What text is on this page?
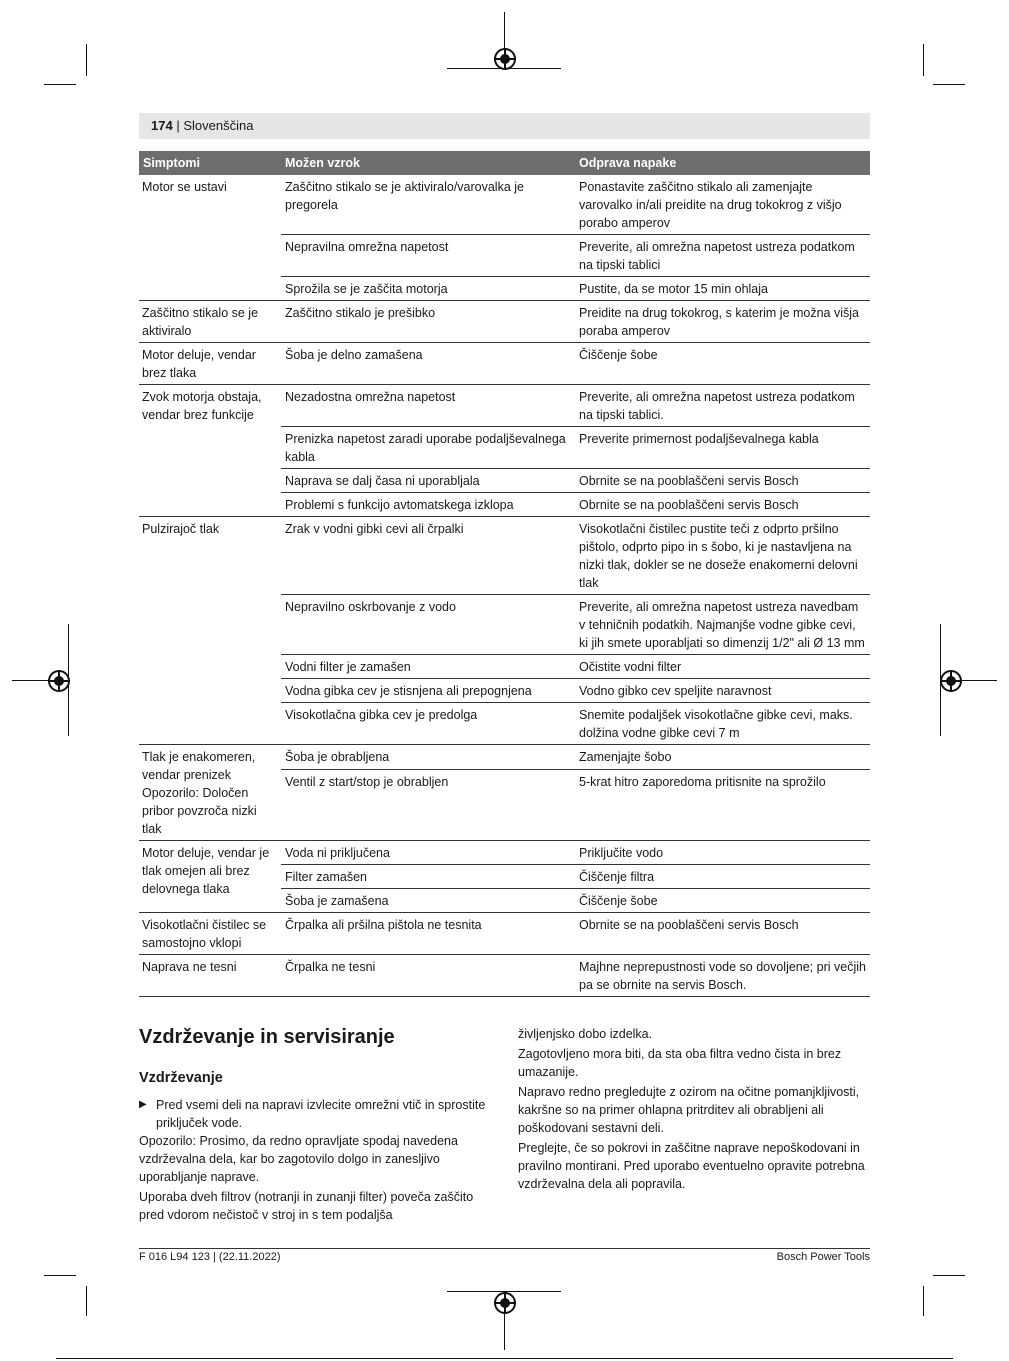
174 | Slovenščina
Simptomi	Možen vzrok	Odprava napake
Motor se ustavi	Zaščitno stikalo se je aktiviralo/varovalka je pregorela	Ponastavite zaščitno stikalo ali zamenjajte varovalko in/ali preidite na drug tokokrog z višjo porabo amperov
	Nepravilna omrežna napetost	Preverite, ali omrežna napetost ustreza podatkom na tipski tablici
	Sprožila se je zaščita motorja	Pustite, da se motor 15 min ohlaja
Zaščitno stikalo se je aktiviralo	Zaščitno stikalo je prešibko	Preidite na drug tokokrog, s katerim je možna višja poraba amperov
Motor deluje, vendar brez tlaka	Šoba je delno zamašena	Čiščenje šobe
Zvok motorja obstaja, vendar brez funkcije	Nezadostna omrežna napetost	Preverite, ali omrežna napetost ustreza podatkom na tipski tablici.
	Prenizka napetost zaradi uporabe podaljševalnega kabla	Preverite primernost podaljševalnega kabla
	Naprava se dalj časa ni uporabljala	Obrnite se na pooblaščeni servis Bosch
	Problemi s funkcijo avtomatskega izklopa	Obrnite se na pooblaščeni servis Bosch
Pulzirajoč tlak	Zrak v vodni gibki cevi ali črpalki	Visokotlačni čistilec pustite teči z odprto pršilno pištolo, odprto pipo in s šobo, ki je nastavljena na nizki tlak, dokler se ne doseže enakomerni delovni tlak
	Nepravilno oskrbovanje z vodo	Preverite, ali omrežna napetost ustreza navedbam v tehničnih podatkih. Najmanjše vodne gibke cevi, ki jih smete uporabljati so dimenzij 1/2" ali Ø 13 mm
	Vodni filter je zamašen	Očistite vodni filter
	Vodna gibka cev je stisnjena ali prepognjena	Vodno gibko cev speljite naravnost
	Visokotlačna gibka cev je predolga	Snemite podaljšek visokotlačne gibke cevi, maks. dolžina vodne gibke cevi 7 m
Tlak je enakomeren, vendar prenizek Opozorilo: Določen pribor povzroča nizki tlak	Šoba je obrabljena	Zamenjajte šobo
	Ventil z start/stop je obrabljen	5-krat hitro zaporedoma pritisnite na sprožilo
Motor deluje, vendar je tlak omejen ali brez delovnega tlaka	Voda ni priključena	Priključite vodo
	Filter zamašen	Čiščenje filtra
	Šoba je zamašena	Čiščenje šobe
Visokotlačni čistilec se samostojno vklopi	Črpalka ali pršilna pištola ne tesnita	Obrnite se na pooblaščeni servis Bosch
Naprava ne tesni	Črpalka ne tesni	Majhne neprepustnosti vode so dovoljene; pri večjih pa se obrnite na servis Bosch.
Vzdrževanje in servisiranje
Vzdrževanje
▶ Pred vsemi deli na napravi izvlecite omrežni vtič in sprostite priključek vode.

Opozorilo: Prosimo, da redno opravljate spodaj navedena vzdrževalna dela, kar bo zagotovilo dolgo in zanesljivo uporabljanje naprave.

Uporaba dveh filtrov (notranji in zunanji filter) poveča zaščito pred vdorom nečistoč v stroj in s tem podaljša

življenjsko dobo izdelka.

Zagotovljeno mora biti, da sta oba filtra vedno čista in brez umazanije.

Napravo redno pregledujte z ozirom na očitne pomanjkljivosti, kakršne so na primer ohlapna pritrditev ali obrabljeni ali poškodovani sestavni deli.

Preglejte, če so pokrovi in zaščitne naprave nepoškodovani in pravilno montirani. Pred uporabo eventuelno opravite potrebna vzdrževalna dela ali popravila.

F 016 L94 123 | (22.11.2022)	Bosch Power Tools
